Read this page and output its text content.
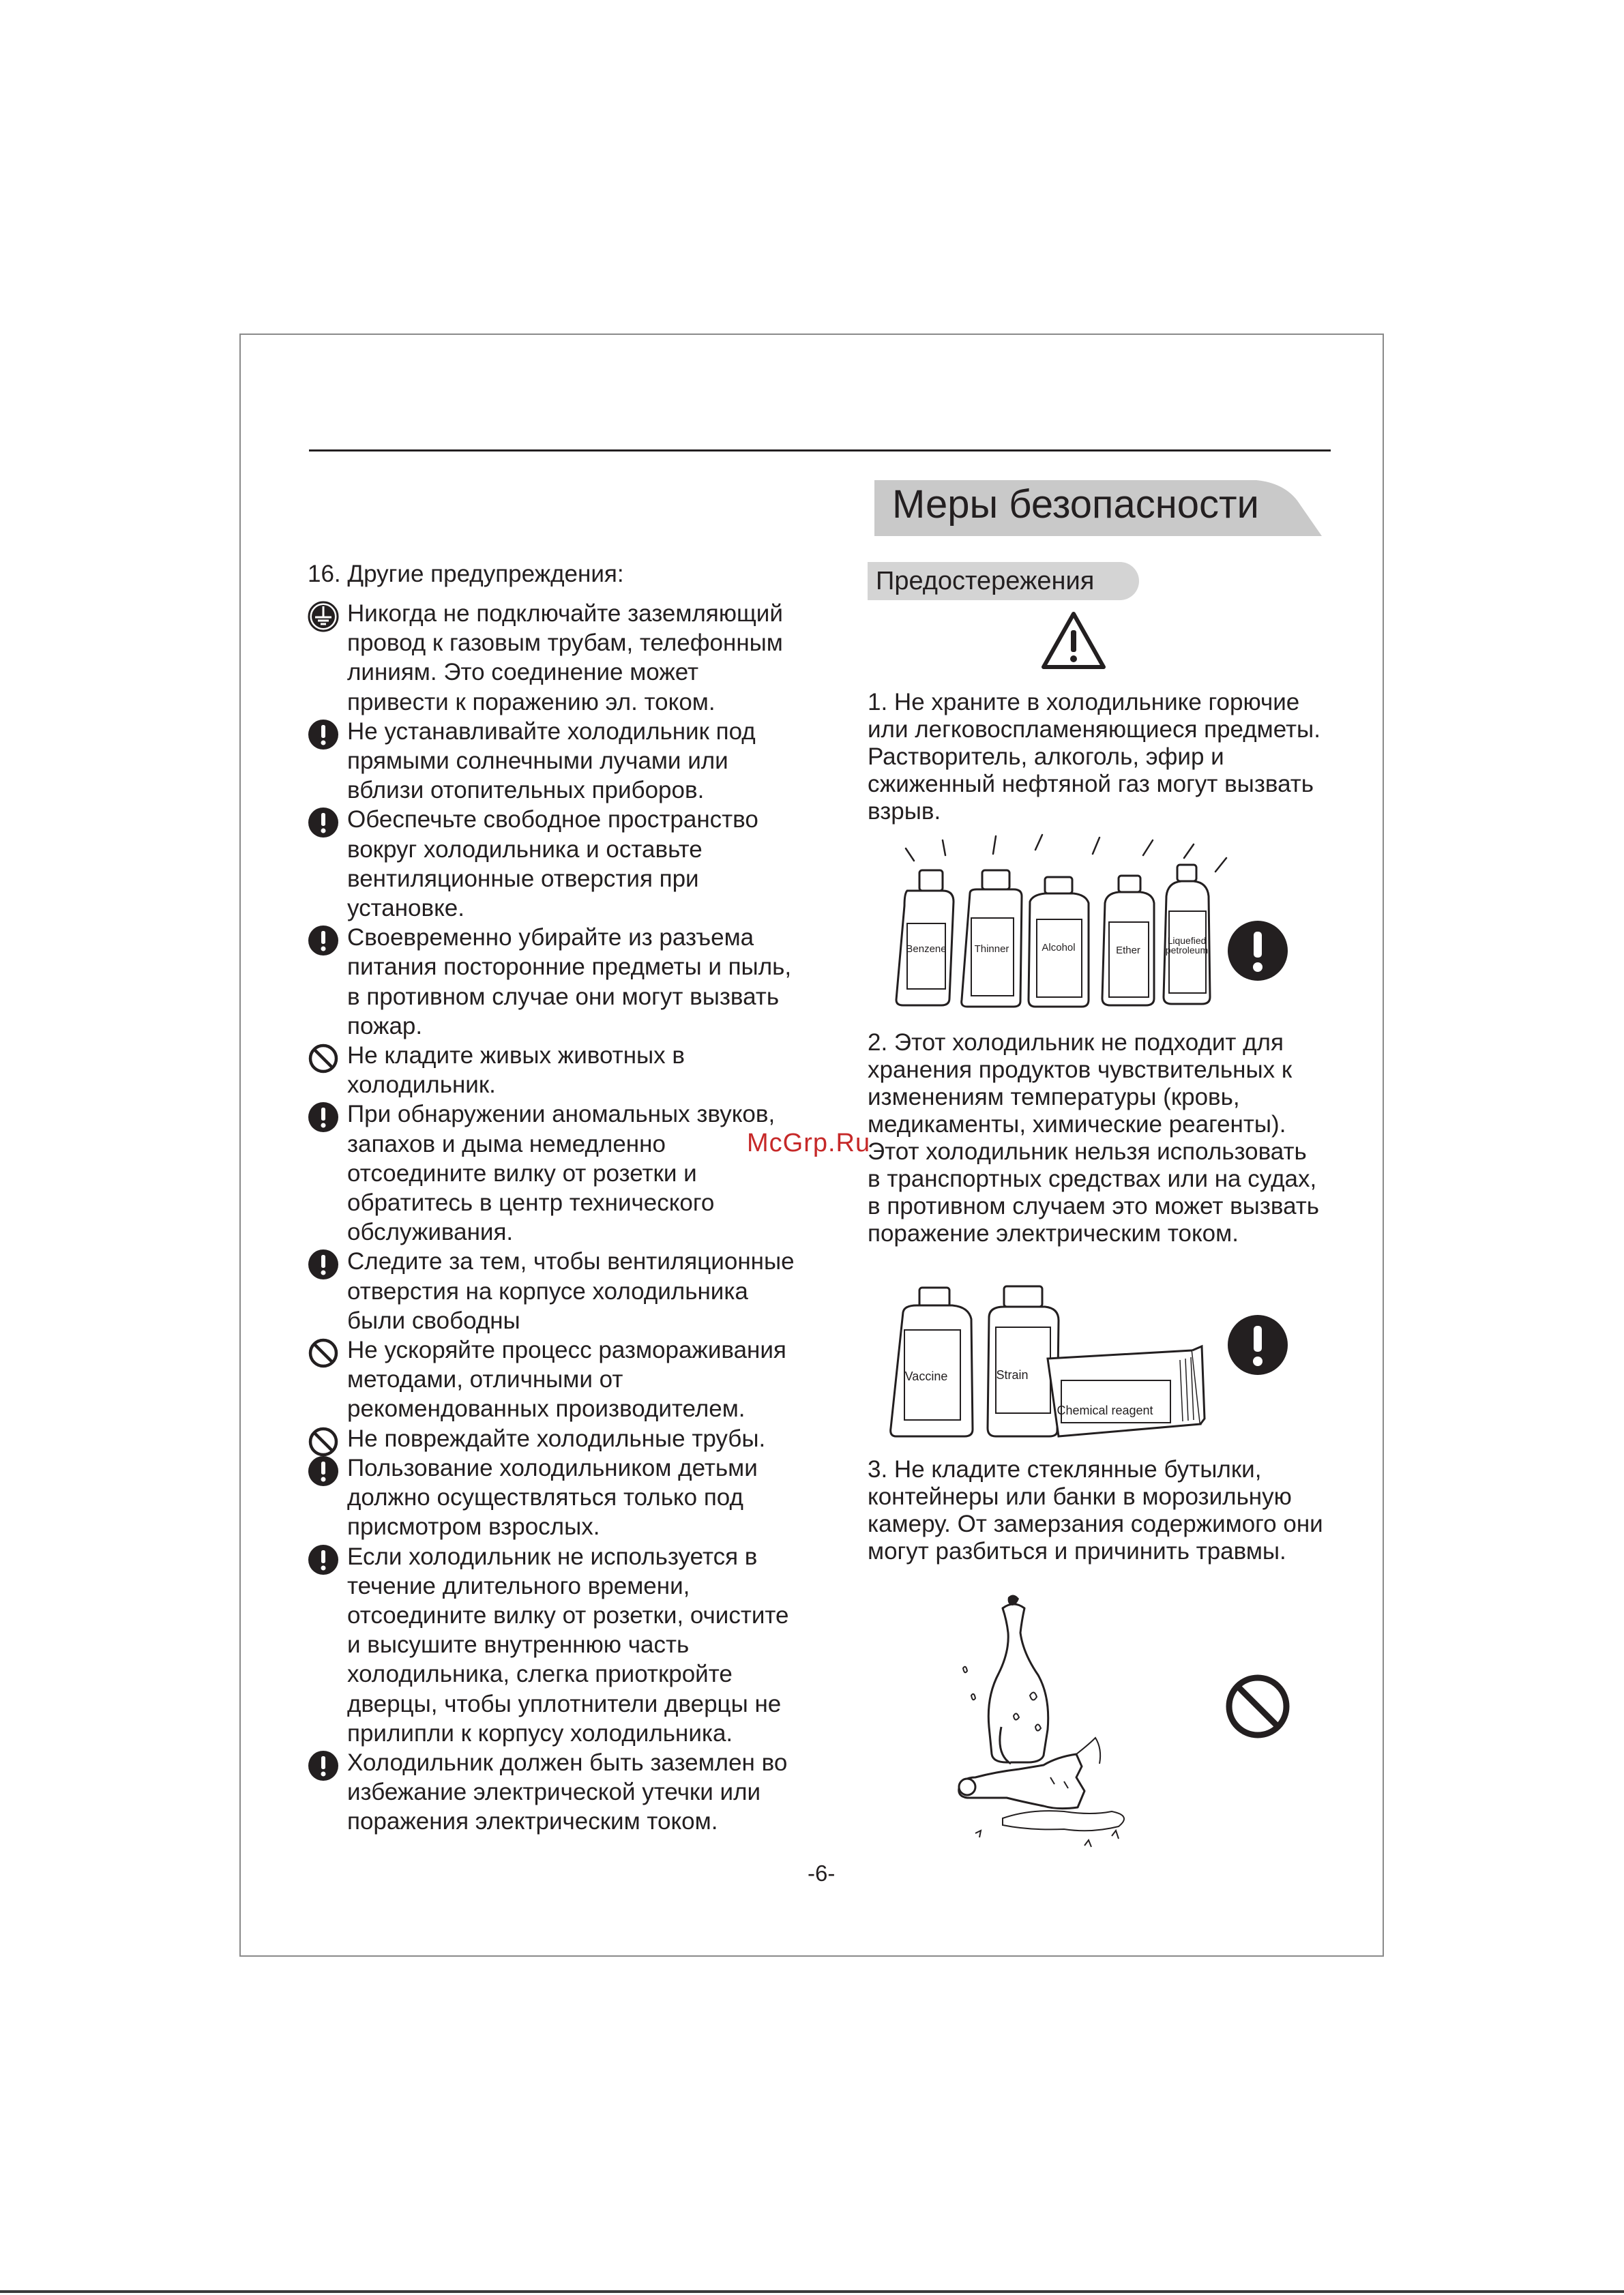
Меры безопасности
Предостережения
16. Другие предупреждения:
Никогда не подключайте заземляющий
провод к газовым трубам, телефонным
линиям. Это соединение может
привести к поражению эл. током.
Не устанавливайте холодильник под
прямыми солнечными лучами или
вблизи отопительных приборов.
Обеспечьте свободное пространство
вокруг холодильника и оставьте
вентиляционные отверстия при
установке.
Своевременно убирайте из разъема
питания посторонние предметы и пыль,
в противном случае они могут вызвать
пожар.
Не кладите живых животных в
холодильник.
При обнаружении аномальных звуков,
запахов и дыма немедленно
отсоедините вилку от розетки и
обратитесь в центр технического
обслуживания.
Следите за тем, чтобы вентиляционные
отверстия на корпусе холодильника
были свободны
Не ускоряйте процесс размораживания
методами, отличными от
рекомендованных производителем.
Не повреждайте холодильные трубы.
Пользование холодильником детьми
должно осуществляться только под
присмотром взрослых.
Если холодильник не используется в
течение длительного времени,
отсоедините вилку от розетки, очистите
и высушите внутреннюю часть
холодильника, слегка приоткройте
дверцы, чтобы уплотнители дверцы не
прилипли к корпусу холодильника.
Холодильник должен быть заземлен во
избежание электрической утечки или
поражения электрическим током.
1. Не храните в холодильнике горючие
или легковоспламеняющиеся предметы.
Растворитель, алкоголь, эфир и
сжиженный нефтяной газ могут вызвать
взрыв.
Benzene	Thinner	Alcohol	Ether
Liquefied
petroleum
2. Этот холодильник не подходит для
хранения продуктов чувствительных к
изменениям температуры (кровь,
медикаменты, химические реагенты).
Этот холодильник нельзя использовать
в транспортных средствах или на судах,
в противном случаем это может вызвать
поражение электрическим током.
McGrp.Ru
Vaccine	Strain
Chemical reagent
3. Не кладите стеклянные бутылки,
контейнеры или банки в морозильную
камеру. От замерзания содержимого они
могут разбиться и причинить травмы.
-6-
